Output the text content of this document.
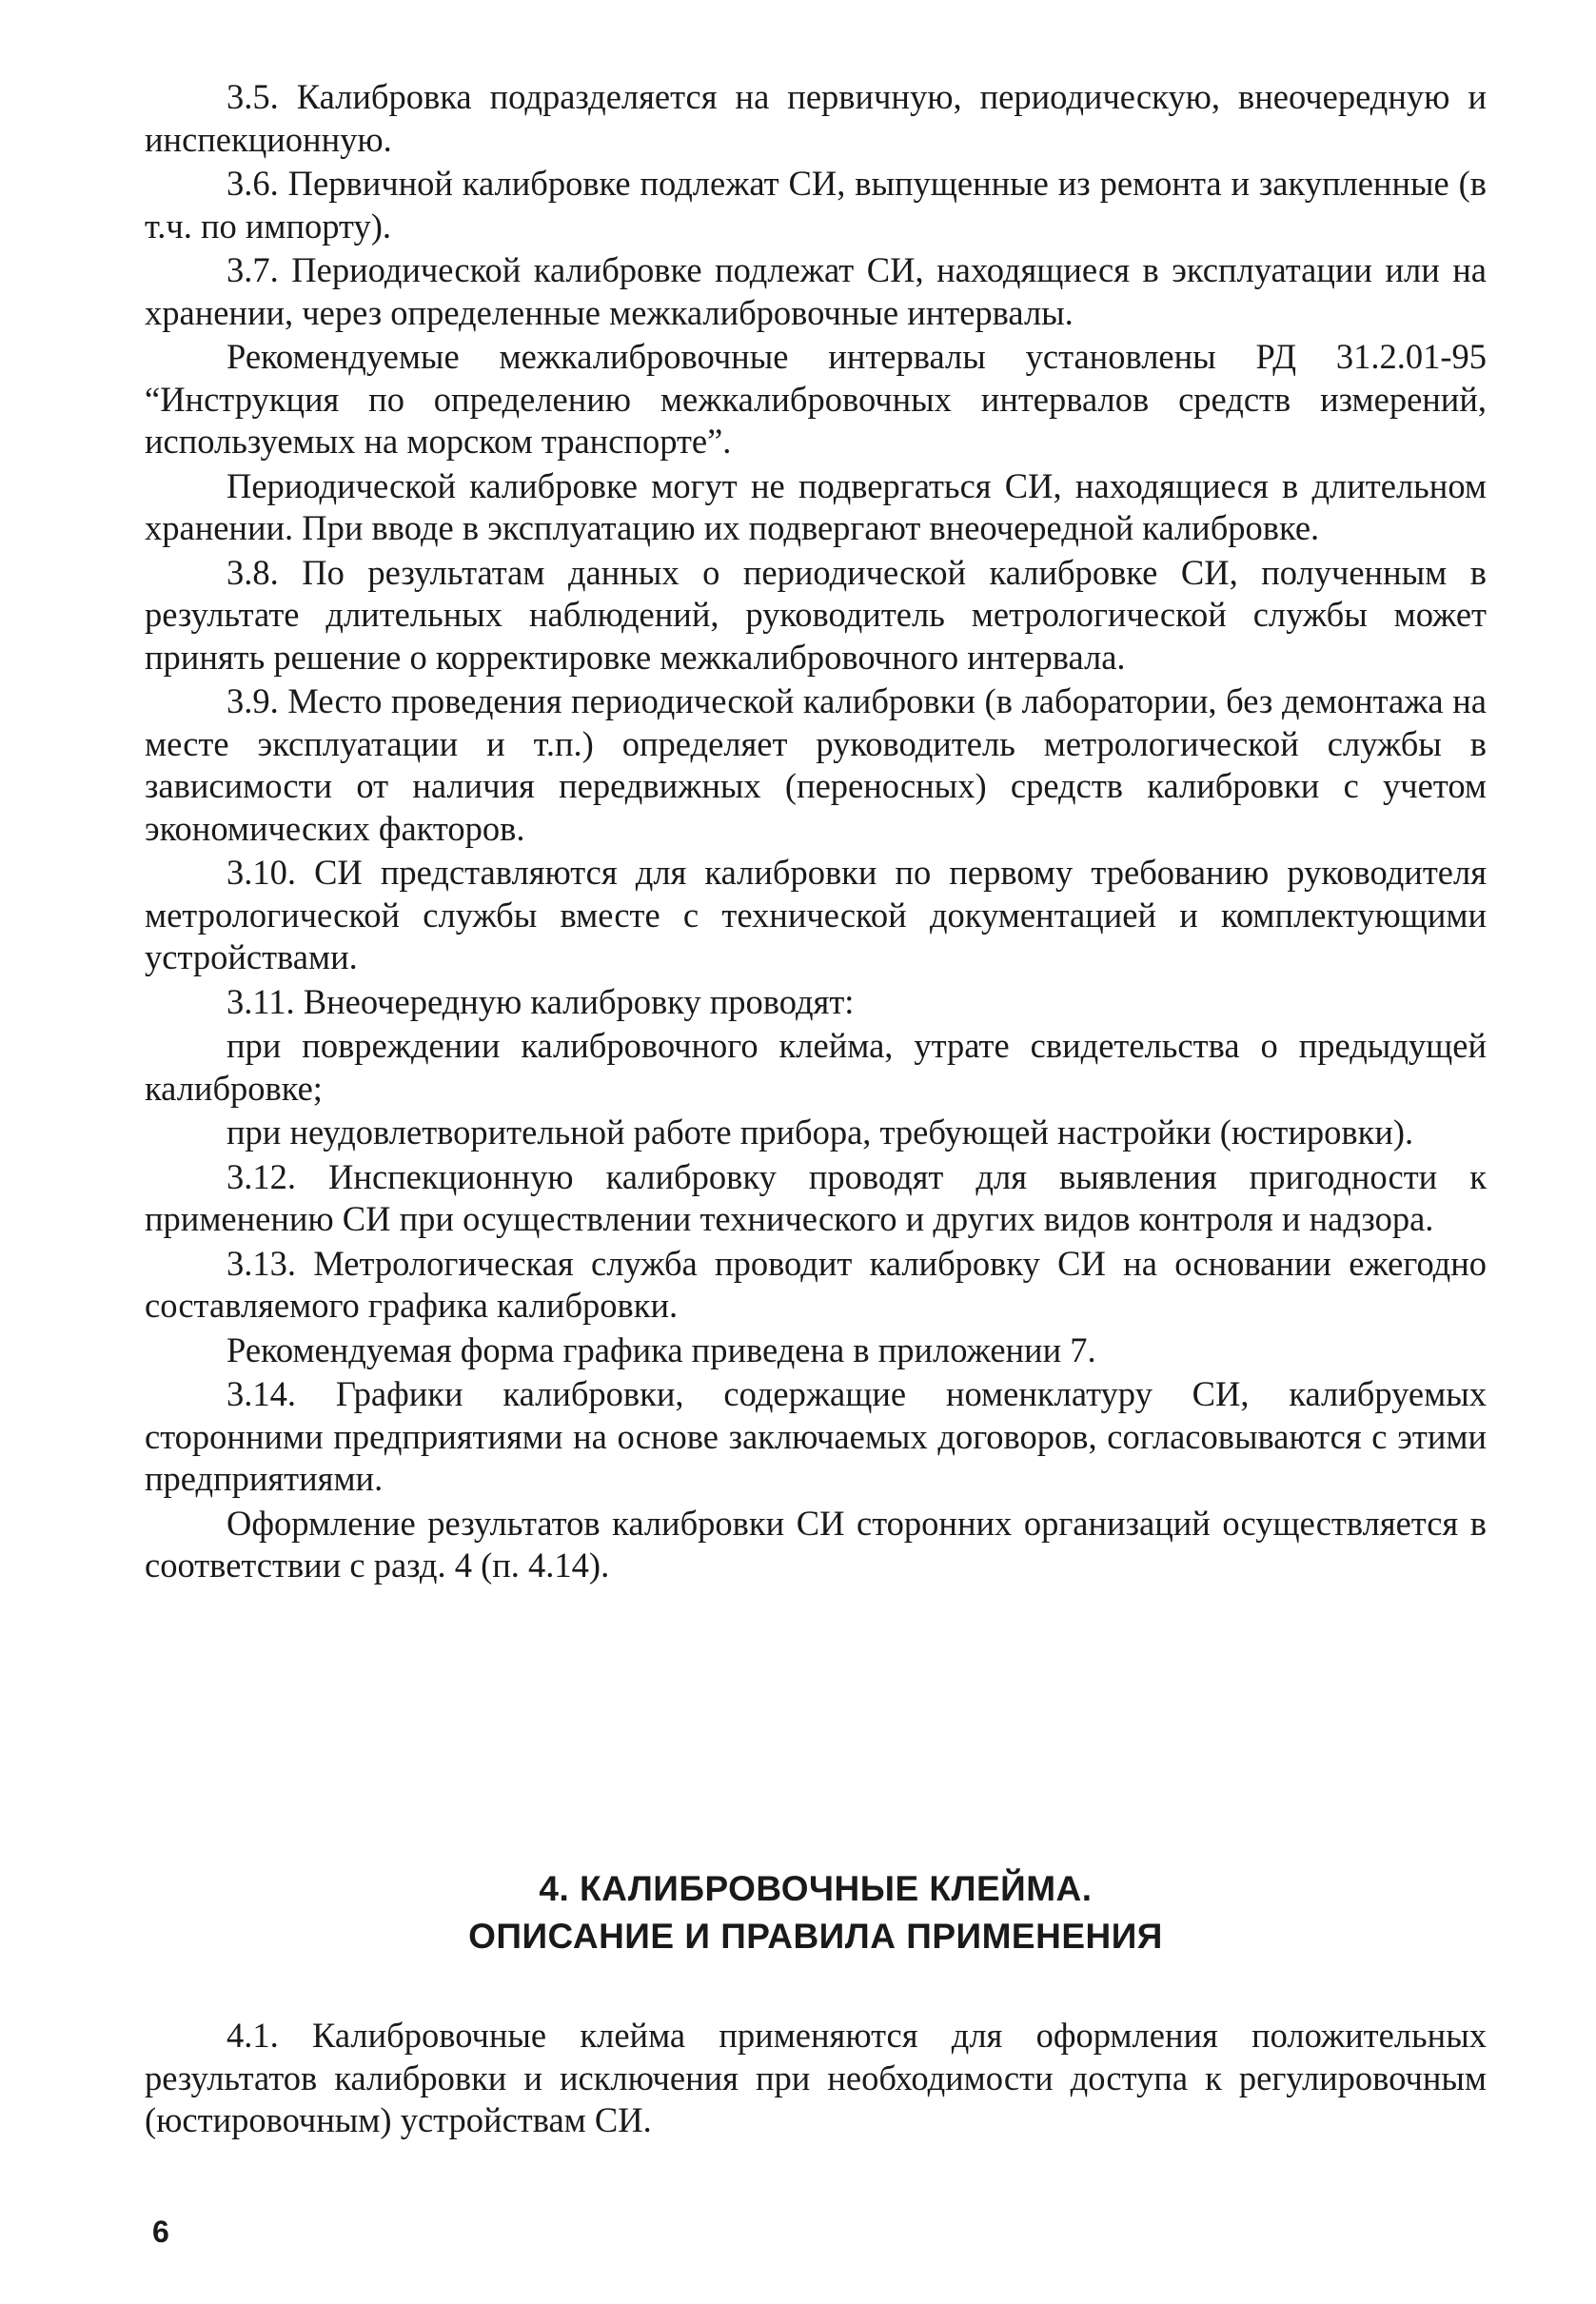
3.5. Калибровка подразделяется на первичную, периодическую, внеочередную и инспекционную.

3.6. Первичной калибровке подлежат СИ, выпущенные из ремонта и закупленные (в т.ч. по импорту).

3.7. Периодической калибровке подлежат СИ, находящиеся в эксплуатации или на хранении, через определенные межкалибровочные интервалы.

Рекомендуемые межкалибровочные интервалы установлены РД 31.2.01-95 “Инструкция по определению межкалибровочных интервалов средств измерений, используемых на морском транспорте”.

Периодической калибровке могут не подвергаться СИ, находящиеся в длительном хранении. При вводе в эксплуатацию их подвергают внеочередной калибровке.

3.8. По результатам данных о периодической калибровке СИ, полученным в результате длительных наблюдений, руководитель метрологической службы может принять решение о корректировке межкалибровочного интервала.

3.9. Место проведения периодической калибровки (в лаборатории, без демонтажа на месте эксплуатации и т.п.) определяет руководитель метрологической службы в зависимости от наличия передвижных (переносных) средств калибровки с учетом экономических факторов.

3.10. СИ представляются для калибровки по первому требованию руководителя метрологической службы вместе с технической документацией и комплектующими устройствами.

3.11. Внеочередную калибровку проводят:

при повреждении калибровочного клейма, утрате свидетельства о предыдущей калибровке;

при неудовлетворительной работе прибора, требующей настройки (юстировки).

3.12. Инспекционную калибровку проводят для выявления пригодности к применению СИ при осуществлении технического и других видов контроля и надзора.

3.13. Метрологическая служба проводит калибровку СИ на основании ежегодно составляемого графика калибровки.

Рекомендуемая форма графика приведена в приложении 7.

3.14. Графики калибровки, содержащие номенклатуру СИ, калибруемых сторонними предприятиями на основе заключаемых договоров, согласовываются с этими предприятиями.

Оформление результатов калибровки СИ сторонних организаций осуществляется в соответствии с разд. 4 (п. 4.14).

4. КАЛИБРОВОЧНЫЕ КЛЕЙМА.
ОПИСАНИЕ И ПРАВИЛА ПРИМЕНЕНИЯ

4.1. Калибровочные клейма применяются для оформления положительных результатов калибровки и исключения при необходимости доступа к регулировочным (юстировочным) устройствам СИ.

6
